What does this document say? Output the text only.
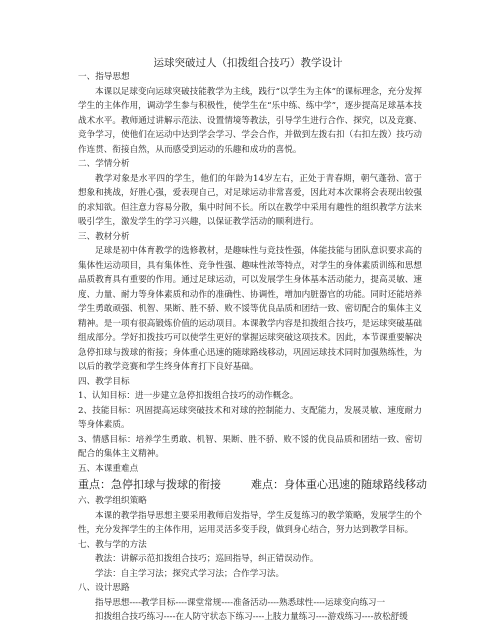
运球突破过人（扣拨组合技巧）教学设计

一、指导思想

本课以足球变向运球突破技能教学为主线，践行“以学生为主体”的课标理念，充分发挥学生的主体作用，调动学生参与积极性，使学生在“乐中练、练中学”，逐步提高足球基本技战术水平。教师通过讲解示范法、设置情境等教法，引导学生进行合作、探究，以及竞赛、竞争学习，使他们在运动中达到学会学习、学会合作，并做到左拨右扣（右扣左拨）技巧动作连贯、衔接自然，从而感受到运动的乐趣和成功的喜悦。

二、学情分析

教学对象是水平四的学生，他们的年龄为14岁左右，正处于青春期，朝气蓬勃、富于想象和挑战，好胜心强，爱表现自己，对足球运动非常喜爱，因此对本次课将会表现出较强的求知欲。但注意力容易分散，集中时间不长。所以在教学中采用有趣性的组织教学方法来吸引学生，激发学生的学习兴趣，以保证教学活动的顺利进行。

三、教材分析

足球是初中体育教学的选修教材，是趣味性与竞技性强，体能技能与团队意识要求高的集体性运动项目，具有集体性、竞争性强、趣味性浓等特点，对学生的身体素质训练和思想品质教育具有重要的作用。通过足球运动，可以发展学生身体基本活动能力，提高灵敏、速度、力量、耐力等身体素质和动作的准确性、协调性，增加内脏器官的功能。同时还能培养学生勇敢顽强、机智、果断、胜不骄、败不馁等优良品质和团结一致、密切配合的集体主义精神。是一项有很高锻炼价值的运动项目。本课教学内容是扣拨组合技巧，是运球突破基础组成部分。学好扣拨技巧可以使学生更好的掌握运球突破这项技术。因此，本节课重要解决急停扣球与拨球的衔接；身体重心迅速的随球路线移动，巩固运球技术同时加强熟练性，为以后的教学竞赛和学生终身体育打下良好基础。

四、教学目标

1、认知目标：进一步建立急停扣拨组合技巧的动作概念。

2、技能目标：巩固提高运球突破技术和对球的控制能力、支配能力，发展灵敏、速度耐力等身体素质。

3、情感目标：培养学生勇敢、机智、果断、胜不骄、败不馁的优良品质和团结一致、密切配合的集体主义精神。

五、本课重难点

重点：急停扣球与拨球的衔接	难点：身体重心迅速的随球路线移动

六、教学组织策略

本课的教学指导思想主要采用教师启发指导，学生反复练习的教学策略，发展学生的个性，充分发挥学生的主体作用，运用灵活多变手段，做到身心结合，努力达到教学目标。

七、教与学的方法

教法：讲解示范扣拨组合技巧；巡回指导，纠正错误动作。

学法：自主学习法；探究式学习法；合作学习法。

八、设计思路

指导思想----教学目标----课堂常规----准备活动----熟悉球性----运球变向练习一

扣拨组合技巧练习----在人防守状态下练习----上肢力量练习----游戏练习----放松舒缓
